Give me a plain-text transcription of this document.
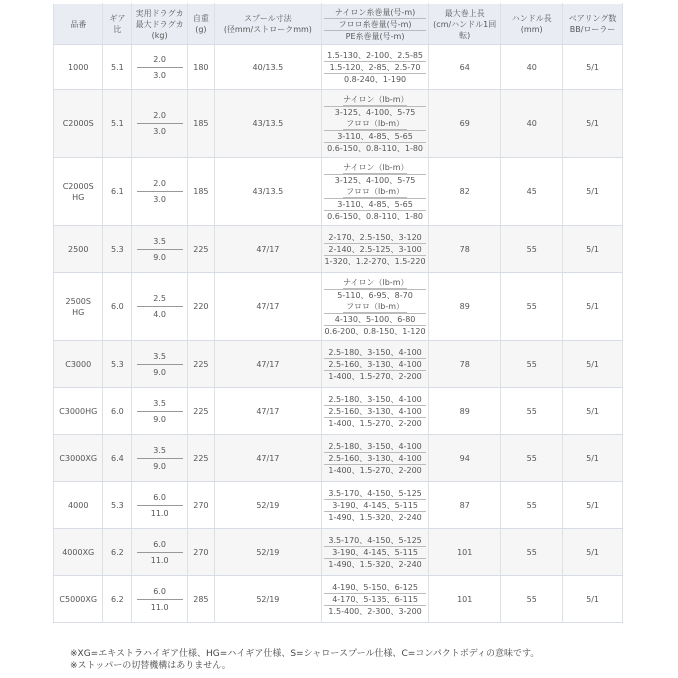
品番	ギア比	実用ドラグカ
最大ドラグカ
(kg)	自重
(g)	スプール寸法
(径mm/ストロークmm)	ナイロン糸巻量(号-m)
フロロ糸巻量(号-m)
PE糸巻量(号-m)	最大巻上長
(cm/ハンドル1回転)	ハンドル長
(mm)	ベアリング数
BB/ローラー

1000	5.1	$\frac{2.0}{3.0}$	180	40/13.5	1.5-130、2-100、2.5-85
1.5-120、2-85、2.5-70
0.8-240、1-190	64	40	5/1

C2000S	5.1	$\frac{2.0}{3.0}$	185	43/13.5	ナイロン（lb-m）
3-125、4-100、5-75
フロロ（lb-m）
3-110、4-85、5-65
0.6-150、0.8-110、1-80	69	40	5/1

C2000S
HG	6.1	$\frac{2.0}{3.0}$	185	43/13.5	ナイロン（lb-m）
3-125、4-100、5-75
フロロ（lb-m）
3-110、4-85、5-65
0.6-150、0.8-110、1-80	82	45	5/1

2500	5.3	$\frac{3.5}{9.0}$	225	47/17	2-170、2.5-150、3-120
2-140、2.5-125、3-100
1-320、1.2-270、1.5-220	78	55	5/1

2500S
HG	6.0	$\frac{2.5}{4.0}$	220	47/17	ナイロン（lb-m）
5-110、6-95、8-70
フロロ（lb-m）
4-130、5-100、6-80
0.6-200、0.8-150、1-120	89	55	5/1

C3000	5.3	$\frac{3.5}{9.0}$	225	47/17	2.5-180、3-150、4-100
2.5-160、3-130、4-100
1-400、1.5-270、2-200	78	55	5/1

C3000HG	6.0	$\frac{3.5}{9.0}$	225	47/17	2.5-180、3-150、4-100
2.5-160、3-130、4-100
1-400、1.5-270、2-200	89	55	5/1

C3000XG	6.4	$\frac{3.5}{9.0}$	225	47/17	2.5-180、3-150、4-100
2.5-160、3-130、4-100
1-400、1.5-270、2-200	94	55	5/1

4000	5.3	$\frac{6.0}{11.0}$	270	52/19	3.5-170、4-150、5-125
3-190、4-145、5-115
1-490、1.5-320、2-240	87	55	5/1

4000XG	6.2	$\frac{6.0}{11.0}$	270	52/19	3.5-170、4-150、5-125
3-190、4-145、5-115
1-490、1.5-320、2-240	101	55	5/1

C5000XG	6.2	$\frac{6.0}{11.0}$	285	52/19	4-190、5-150、6-125
4-170、5-135、6-115
1.5-400、2-300、3-200	101	55	5/1
※XG=エキストラハイギア仕様、HG=ハイギア仕様、S=シャロースプール仕様、C=コンパクトボディの意味です。
※ストッパーの切替機構はありません。
